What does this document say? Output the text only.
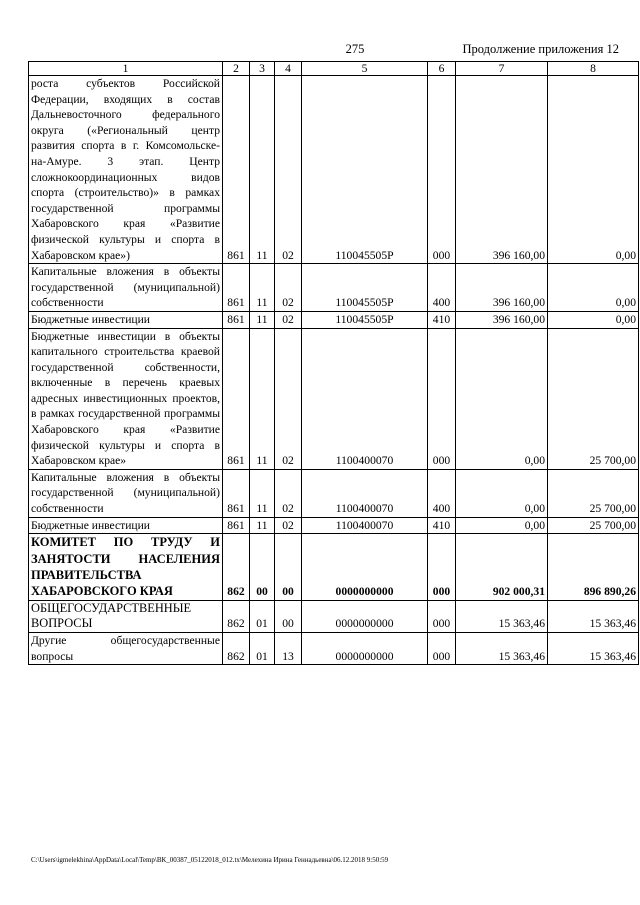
275	Продолжение приложения 12
1	2	3	4	5	6	7	8
роста субъектов Российской Федерации, входящих в состав Дальневосточного федерального округа («Региональный центр развития спорта в г. Комсомольске-на-Амуре. 3 этап. Центр сложнокоординационных видов спорта (строительство)» в рамках государственной программы Хабаровского края «Развитие физической культуры и спорта в Хабаровском крае»)	861	11	02	110045505Р	000	396 160,00	0,00
Капитальные вложения в объекты государственной (муниципальной) собственности	861	11	02	110045505Р	400	396 160,00	0,00
Бюджетные инвестиции	861	11	02	110045505Р	410	396 160,00	0,00
Бюджетные инвестиции в объекты капитального строительства краевой государственной собственности, включенные в перечень краевых адресных инвестиционных проектов, в рамках государственной программы Хабаровского края «Развитие физической культуры и спорта в Хабаровском крае»	861	11	02	1100400070	000	0,00	25 700,00
Капитальные вложения в объекты государственной (муниципальной) собственности	861	11	02	1100400070	400	0,00	25 700,00
Бюджетные инвестиции	861	11	02	1100400070	410	0,00	25 700,00
КОМИТЕТ ПО ТРУДУ И ЗАНЯТОСТИ НАСЕЛЕНИЯ ПРАВИТЕЛЬСТВА ХАБАРОВСКОГО КРАЯ	862	00	00	0000000000	000	902 000,31	896 890,26
ОБЩЕГОСУДАРСТВЕННЫЕ ВОПРОСЫ	862	01	00	0000000000	000	15 363,46	15 363,46
Другие общегосударственные вопросы	862	01	13	0000000000	000	15 363,46	15 363,46
C:\Users\igmelekhina\AppData\Local\Temp\ВК_00387_05122018_012.tx\Мелехина Ирина Геннадьевна\06.12.2018 9:50:59
